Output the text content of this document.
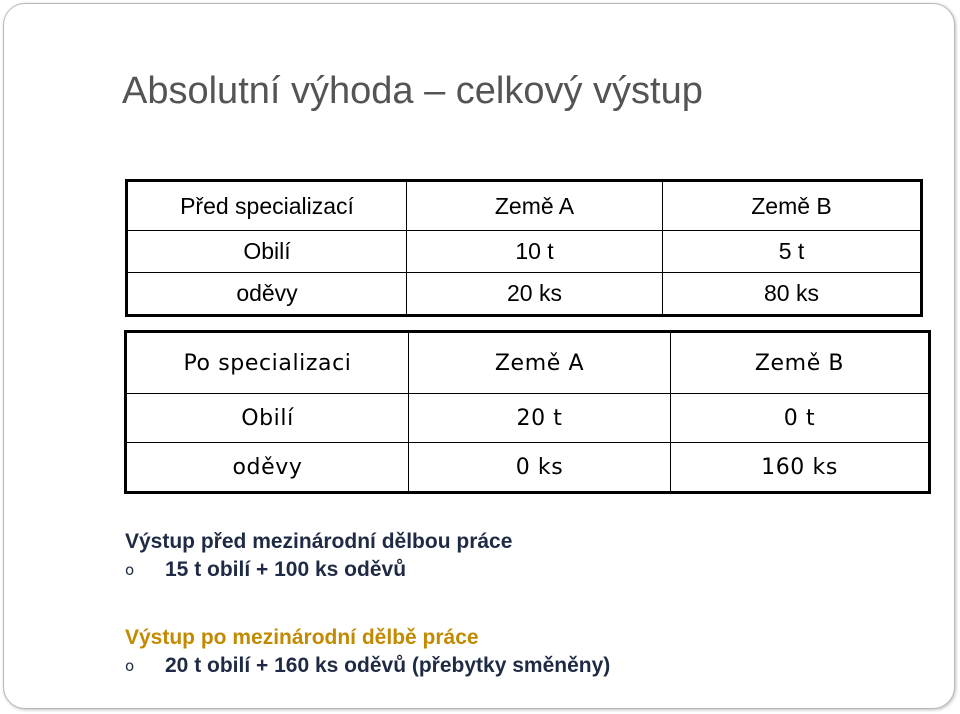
Absolutní výhoda – celkový výstup
Před specializací	Země A	Země B
Obilí	10 t	5 t
oděvy	20 ks	80 ks
Po specializaci	Země A	Země B
Obilí	20 t	0 t
oděvy	0 ks	160 ks

Výstup před mezinárodní dělbou práce

o 15 t obilí + 100 ks oděvů

Výstup po mezinárodní dělbě práce

o 20 t obilí + 160 ks oděvů (přebytky směněny)
